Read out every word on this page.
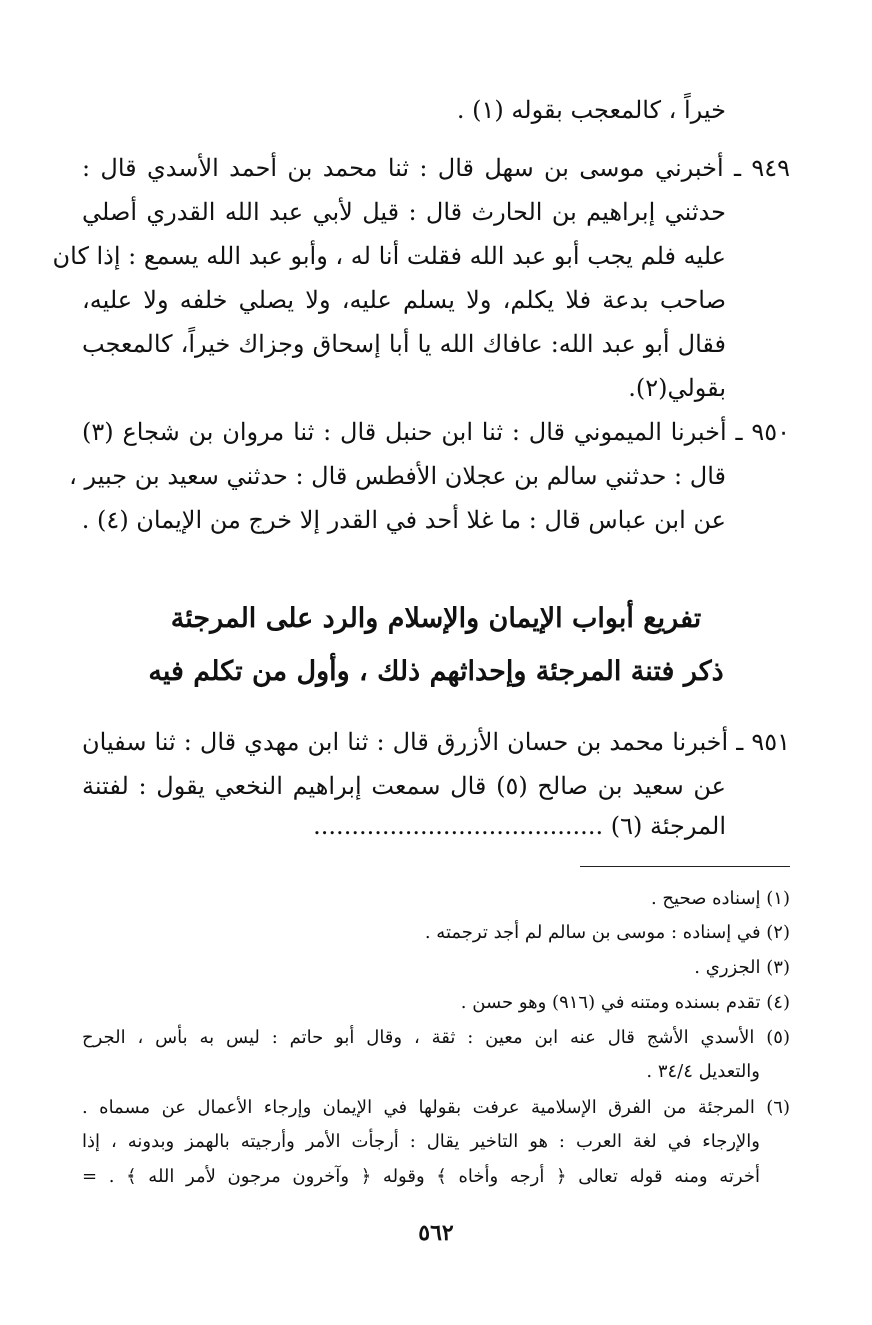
خيراً ، كالمعجب بقوله (١) .
٩٤٩ ـ أخبرني موسى بن سهل قال : ثنا محمد بن أحمد الأسدي قال :
حدثني إبراهيم بن الحارث قال : قيل لأبي عبد الله القدري أصلي
عليه فلم يجب أبو عبد الله فقلت أنا له ، وأبو عبد الله يسمع : إذا كان
صاحب بدعة فلا يكلم، ولا يسلم عليه، ولا يصلي خلفه ولا عليه،
فقال أبو عبد الله: عافاك الله يا أبا إسحاق وجزاك خيراً، كالمعجب
بقولي(٢).
٩٥٠ ـ أخبرنا الميموني قال : ثنا ابن حنبل قال : ثنا مروان بن شجاع (٣)
قال : حدثني سالم بن عجلان الأفطس قال : حدثني سعيد بن جبير ،
عن ابن عباس قال : ما غلا أحد في القدر إلا خرج من الإيمان (٤) .
تفريع أبواب الإيمان والإسلام والرد على المرجئة
ذكر فتنة المرجئة وإحداثهم ذلك ، وأول من تكلم فيه
٩٥١ ـ أخبرنا محمد بن حسان الأزرق قال : ثنا ابن مهدي قال : ثنا سفيان
عن سعيد بن صالح (٥) قال سمعت إبراهيم النخعي يقول : لفتنة
المرجئة (٦) ......................................
(١) إسناده صحيح .
(٢) في إسناده : موسى بن سالم لم أجد ترجمته .
(٣) الجزري .
(٤) تقدم بسنده ومتنه في (٩١٦) وهو حسن .
(٥) الأسدي الأشج قال عنه ابن معين : ثقة ، وقال أبو حاتم : ليس به بأس ، الجرح
والتعديل ٣٤/٤ .
(٦) المرجئة من الفرق الإسلامية عرفت بقولها في الإيمان وإرجاء الأعمال عن مسماه .
والإرجاء في لغة العرب : هو التاخير يقال : أرجأت الأمر وأرجيته بالهمز وبدونه ، إذا
أخرته ومنه قوله تعالى ﴿ أرجه وأخاه ﴾ وقوله ﴿ وآخرون مرجون لأمر الله ﴾ . =
٥٦٢
